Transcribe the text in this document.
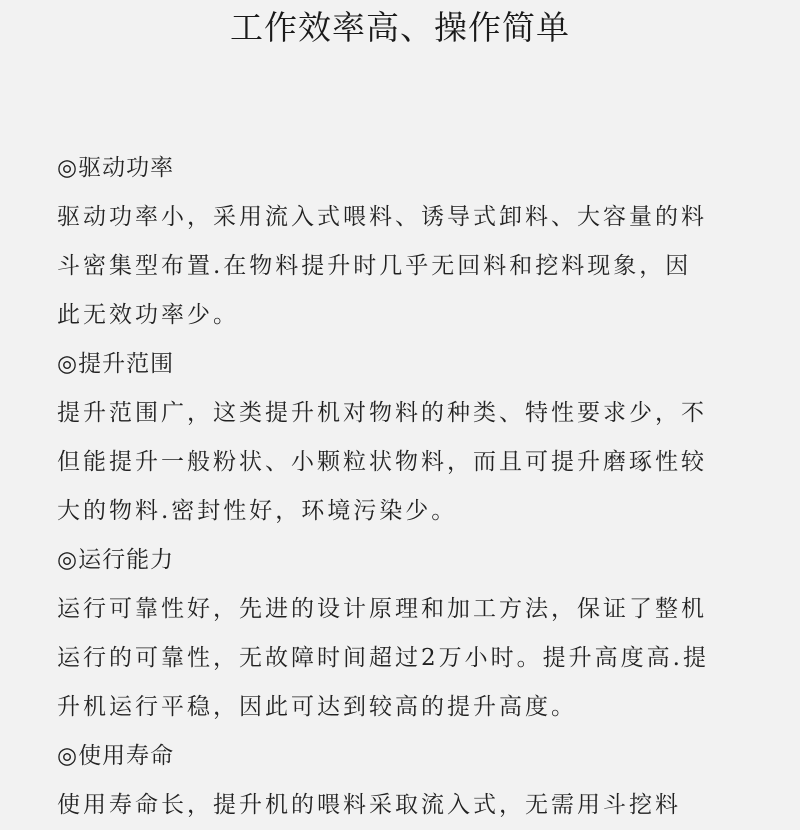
工作效率高、操作简单
◎驱动功率
驱动功率小，采用流入式喂料、诱导式卸料、大容量的料
斗密集型布置.在物料提升时几乎无回料和挖料现象，因
此无效功率少。
◎提升范围
提升范围广，这类提升机对物料的种类、特性要求少，不
但能提升一般粉状、小颗粒状物料，而且可提升磨琢性较
大的物料.密封性好，环境污染少。
◎运行能力
运行可靠性好，先进的设计原理和加工方法，保证了整机
运行的可靠性，无故障时间超过2万小时。提升高度高.提
升机运行平稳，因此可达到较高的提升高度。
◎使用寿命
使用寿命长，提升机的喂料采取流入式，无需用斗挖料
